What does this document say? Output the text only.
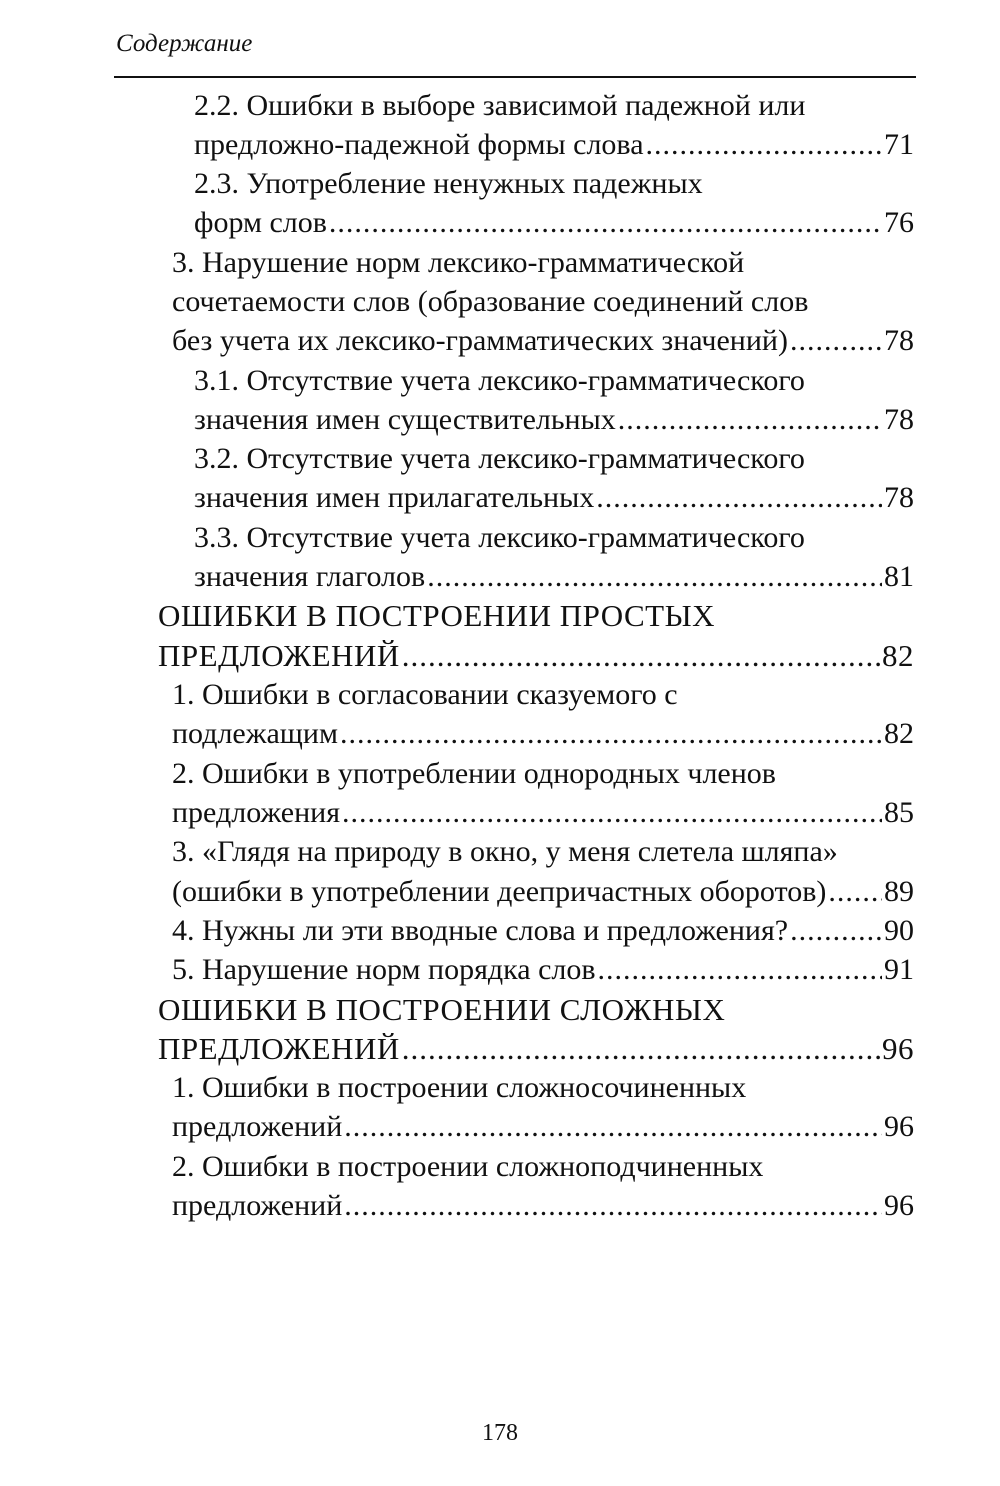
Содержание
2.2. Ошибки в выборе зависимой падежной или
предложно-падежной формы слова .....	71
2.3. Употребление ненужных падежных
форм слов .....	76
3. Нарушение норм лексико-грамматической
сочетаемости слов (образование соединений слов
без учета их лексико-грамматических значений) .....	78
3.1. Отсутствие учета лексико-грамматического
значения имен существительных .....	78
3.2. Отсутствие учета лексико-грамматического
значения имен прилагательных .....	78
3.3. Отсутствие учета лексико-грамматического
значения глаголов .....	81
ОШИБКИ В ПОСТРОЕНИИ ПРОСТЫХ
ПРЕДЛОЖЕНИЙ .....	82
1. Ошибки в согласовании сказуемого с
подлежащим .....	82
2. Ошибки в употреблении однородных членов
предложения .....	85
3. «Глядя на природу в окно, у меня слетела шляпа»
(ошибки в употреблении деепричастных оборотов) ..... 89
4. Нужны ли эти вводные слова и предложения? .....	90
5. Нарушение норм порядка слов .....	91
ОШИБКИ В ПОСТРОЕНИИ СЛОЖНЫХ
ПРЕДЛОЖЕНИЙ .....	96
1. Ошибки в построении сложносочиненных
предложений .....	96
2. Ошибки в построении сложноподчиненных
предложений .....	96
178
